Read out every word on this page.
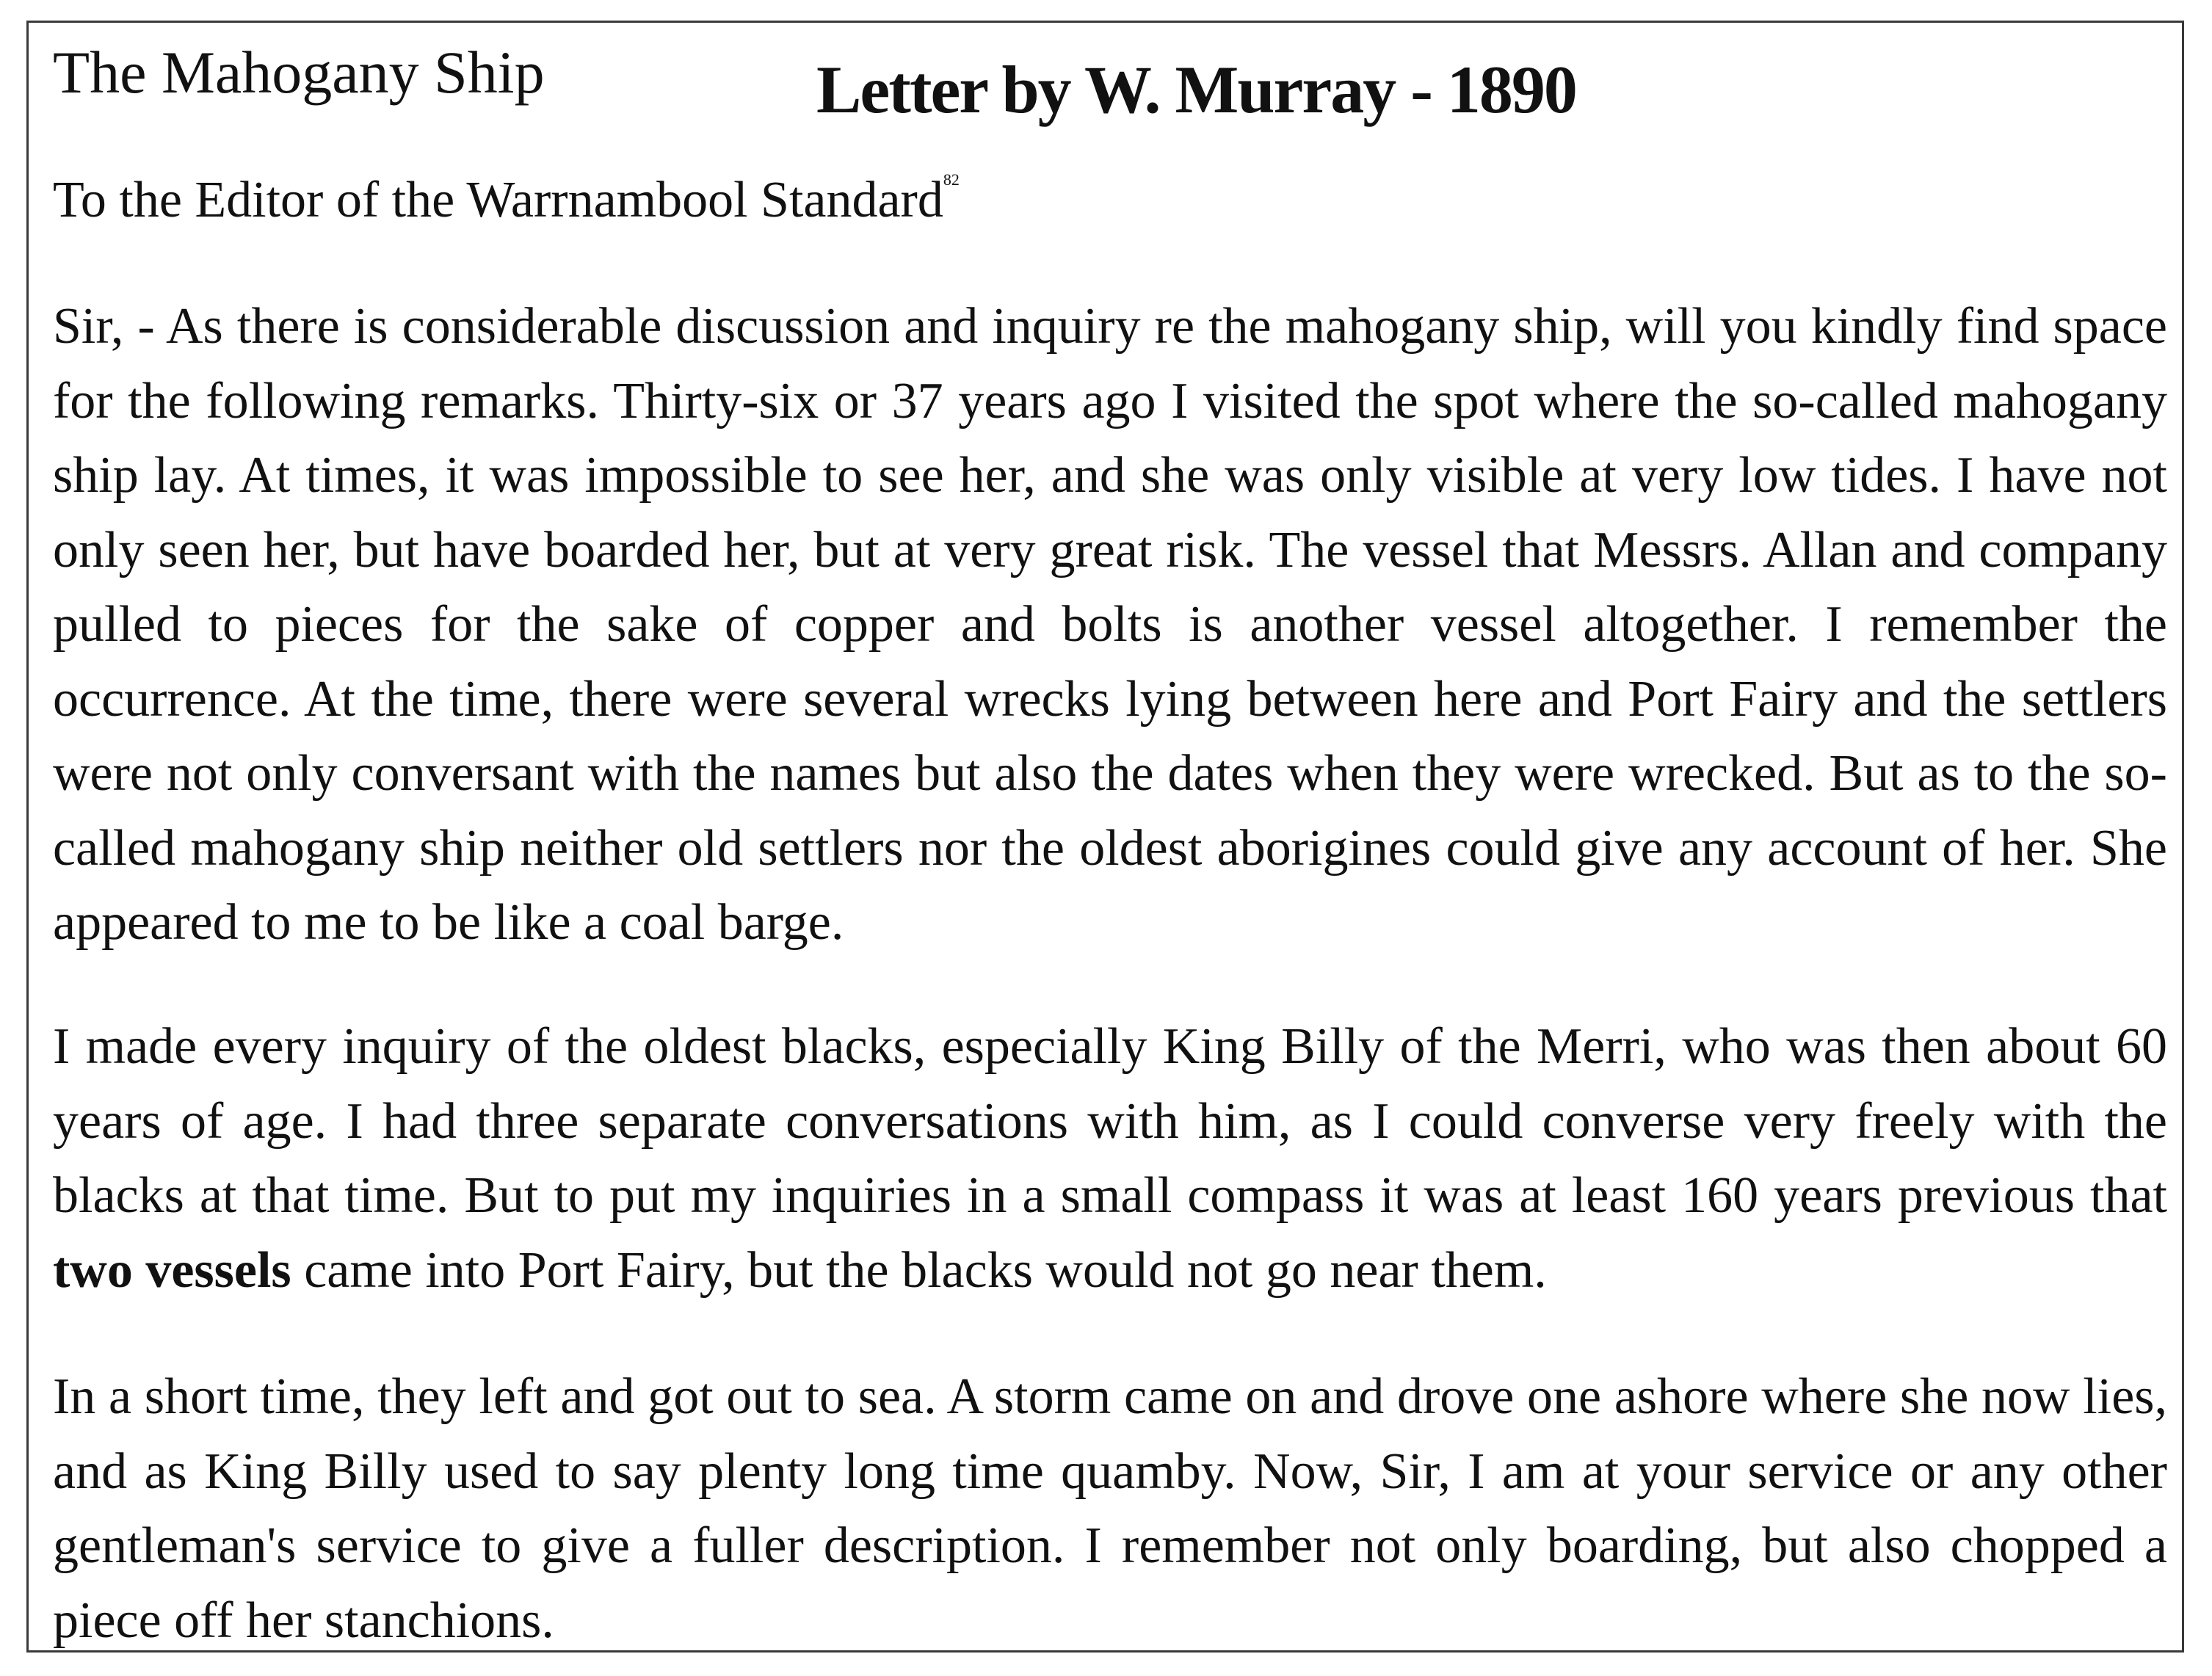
The Mahogany Ship	Letter by W. Murray - 1890
To the Editor of the Warrnambool Standard$^{82}$

Sir, - As there is considerable discussion and inquiry re the mahogany ship, will you kindly find space for the following remarks. Thirty-six or 37 years ago I visited the spot where the so-called mahogany ship lay. At times, it was impossible to see her, and she was only visible at very low tides. I have not only seen her, but have boarded her, but at very great risk. The vessel that Messrs. Allan and company pulled to pieces for the sake of copper and bolts is another vessel altogether. I remember the occurrence. At the time, there were several wrecks lying between here and Port Fairy and the settlers were not only conversant with the names but also the dates when they were wrecked. But as to the so-called mahogany ship neither old settlers nor the oldest aborigines could give any account of her. She appeared to me to be like a coal barge.

I made every inquiry of the oldest blacks, especially King Billy of the Merri, who was then about 60 years of age. I had three separate conversations with him, as I could converse very freely with the blacks at that time. But to put my inquiries in a small compass it was at least 160 years previous that two vessels came into Port Fairy, but the blacks would not go near them.

In a short time, they left and got out to sea. A storm came on and drove one ashore where she now lies, and as King Billy used to say plenty long time quamby. Now, Sir, I am at your service or any other gentleman's service to give a fuller description. I remember not only boarding, but also chopped a piece off her stanchions.
